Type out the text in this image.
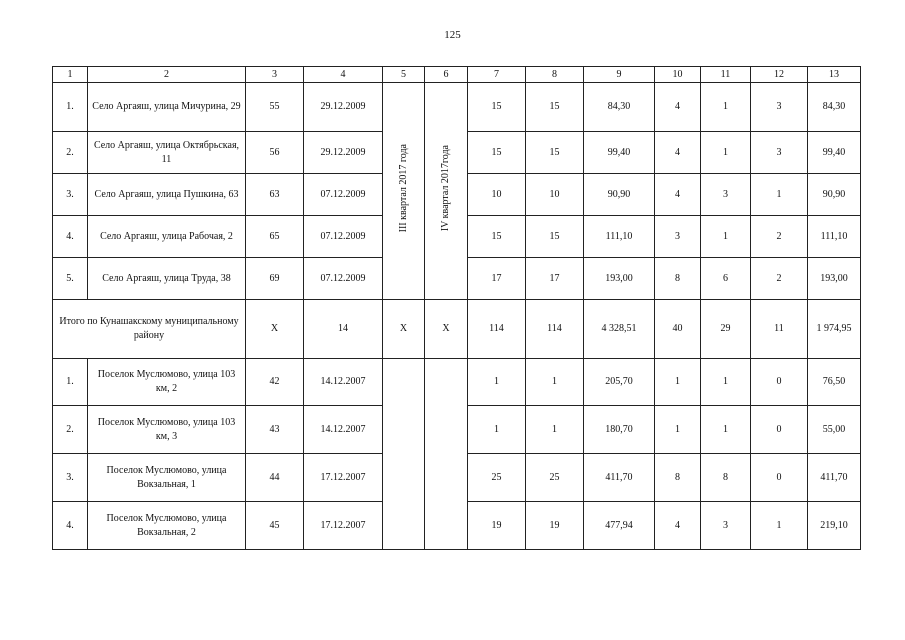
125
1	2	3	4	5	6	7	8	9	10	11	12	13
1.	Село Аргаяш, улица Мичурина, 29	55	29.12.2009	III квартал 2017 года	IV квартал 2017года	15	15	84,30	4	1	3	84,30
2.	Село Аргаяш, улица Октябрьская, 11	56	29.12.2009			15	15	99,40	4	1	3	99,40
3.	Село Аргаяш, улица Пушкина, 63	63	07.12.2009			10	10	90,90	4	3	1	90,90
4.	Село Аргаяш, улица Рабочая, 2	65	07.12.2009			15	15	111,10	3	1	2	111,10
5.	Село Аргаяш, улица Труда, 38	69	07.12.2009			17	17	193,00	8	6	2	193,00
Итого по Кунашакскому муниципальному району		Х	14	Х	Х	114	114	4 328,51	40	29	11	1 974,95
1.	Поселок Муслюмово, улица 103 км, 2	42	14.12.2007			1	1	205,70	1	1	0	76,50
2.	Поселок Муслюмово, улица 103 км, 3	43	14.12.2007			1	1	180,70	1	1	0	55,00
3.	Поселок Муслюмово, улица Вокзальная, 1	44	17.12.2007			25	25	411,70	8	8	0	411,70
4.	Поселок Муслюмово, улица Вокзальная, 2	45	17.12.2007			19	19	477,94	4	3	1	219,10
